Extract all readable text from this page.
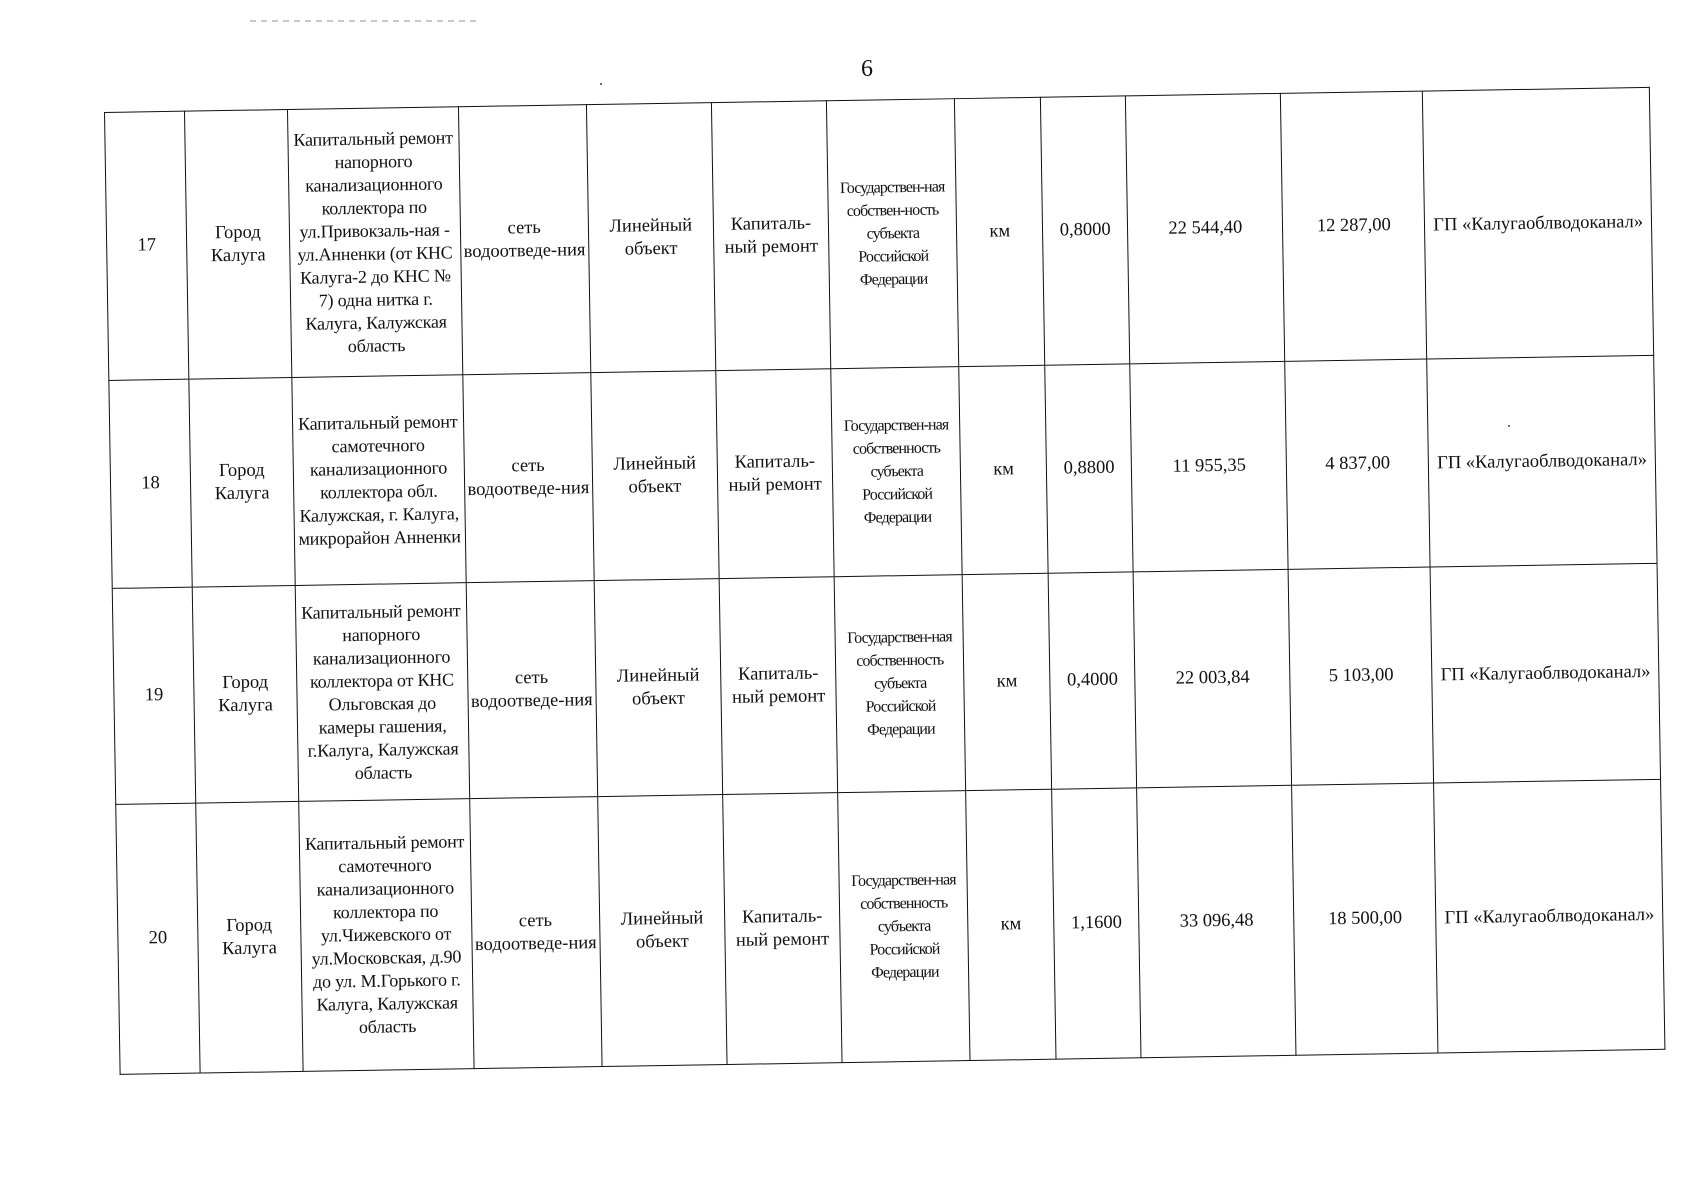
6
17	Город Калуга	Капитальный ремонт напорного канализационного коллектора по ул.Привокзаль-ная - ул.Анненки (от КНС Калуга-2 до КНС № 7) одна нитка г. Калуга, Калужская область	сеть водоотведе-ния	Линейный объект	Капиталь-ный ремонт	Государствен-ная собствен-ность субъекта Российской Федерации	км	0,8000	22 544,40	12 287,00	ГП «Калугаоблводоканал»
18	Город Калуга	Капитальный ремонт самотечного канализационного коллектора обл. Калужская, г. Калуга, микрорайон Анненки	сеть водоотведе-ния	Линейный объект	Капиталь-ный ремонт	Государствен-ная собственность субъекта Российской Федерации	км	0,8800	11 955,35	4 837,00	ГП «Калугаоблводоканал»
19	Город Калуга	Капитальный ремонт напорного канализационного коллектора от КНС Ольговская до камеры гашения, г.Калуга, Калужская область	сеть водоотведе-ния	Линейный объект	Капиталь-ный ремонт	Государствен-ная собственность субъекта Российской Федерации	км	0,4000	22 003,84	5 103,00	ГП «Калугаоблводоканал»
20	Город Калуга	Капитальный ремонт самотечного канализационного коллектора по ул.Чижевского от ул.Московская, д.90 до ул. М.Горького г. Калуга, Калужская область	сеть водоотведе-ния	Линейный объект	Капиталь-ный ремонт	Государствен-ная собственность субъекта Российской Федерации	км	1,1600	33 096,48	18 500,00	ГП «Калугаоблводоканал»
